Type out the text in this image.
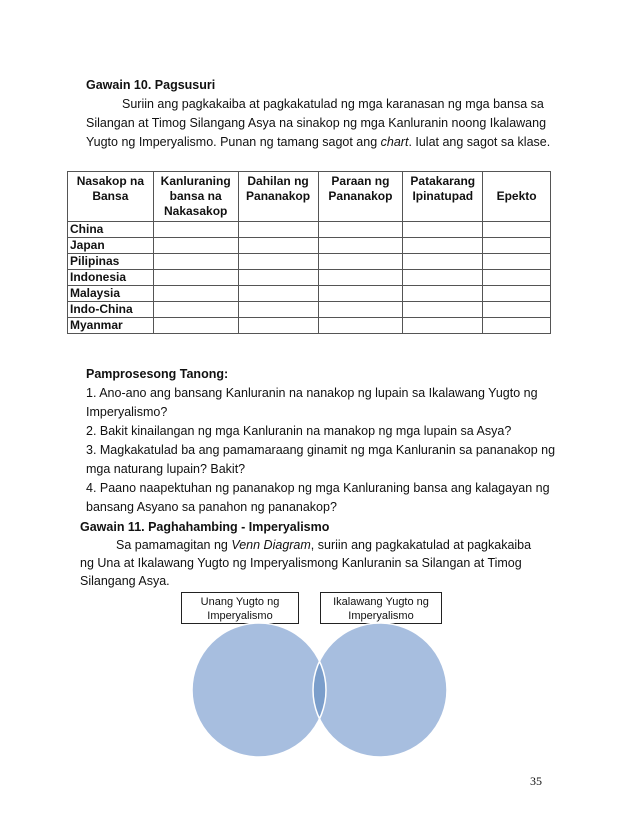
Gawain 10. Pagsusuri
Suriin ang pagkakaiba at pagkakatulad ng mga karanasan ng mga bansa sa Silangan at Timog Silangang Asya na sinakop ng mga Kanluranin noong Ikalawang Yugto ng Imperyalismo. Punan ng tamang sagot ang chart. Iulat ang sagot sa klase.
Nasakop na Bansa	Kanluraning bansa na Nakasakop	Dahilan ng Pananakop	Paraan ng Pananakop	Patakarang Ipinatupad	Epekto
China					
Japan					
Pilipinas					
Indonesia					
Malaysia					
Indo-China					
Myanmar					
Pamprosesong Tanong:
1. Ano-ano ang bansang Kanluranin na nanakop ng lupain sa Ikalawang Yugto ng Imperyalismo?
2. Bakit kinailangan ng mga Kanluranin na manakop ng mga lupain sa Asya?
3. Magkakatulad ba ang pamamaraang ginamit ng mga Kanluranin sa pananakop ng mga naturang lupain? Bakit?
4. Paano naapektuhan ng pananakop ng mga Kanluraning bansa ang kalagayan ng bansang Asyano sa panahon ng pananakop?
Gawain 11. Paghahambing - Imperyalismo
Sa pamamagitan ng Venn Diagram, suriin ang pagkakatulad at pagkakaiba ng Una at Ikalawang Yugto ng Imperyalismong Kanluranin sa Silangan at Timog Silangang Asya.
Unang Yugto ng Imperyalismo
Ikalawang Yugto ng Imperyalismo
35
